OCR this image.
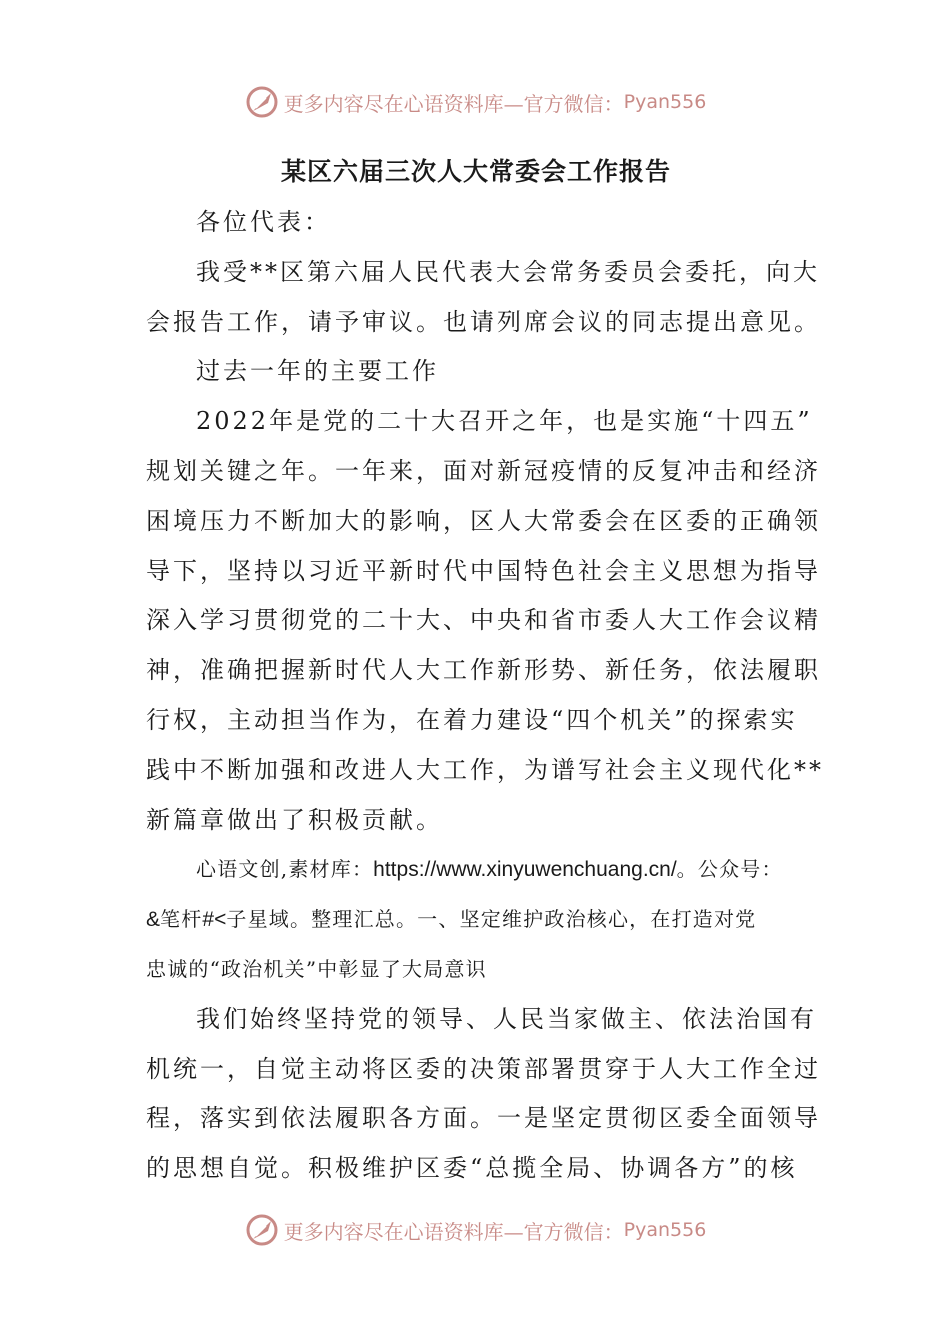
更多内容尽在心语资料库—官方微信： Pyan556
某区六届三次人大常委会工作报告
各位代表：
我受**区第六届人民代表大会常务委员会委托，向大
会报告工作，请予审议。也请列席会议的同志提出意见。
过去一年的主要工作
2022年是党的二十大召开之年，也是实施“十四五”
规划关键之年。一年来，面对新冠疫情的反复冲击和经济
困境压力不断加大的影响，区人大常委会在区委的正确领
导下，坚持以习近平新时代中国特色社会主义思想为指导
深入学习贯彻党的二十大、中央和省市委人大工作会议精
神，准确把握新时代人大工作新形势、新任务，依法履职
行权，主动担当作为，在着力建设“四个机关”的探索实
践中不断加强和改进人大工作，为谱写社会主义现代化**
新篇章做出了积极贡献。
心语文创,素材库：https://www.xinyuwenchuang.cn/。公众号：
&笔杆#<子星域。整理汇总。一、坚定维护政治核心，在打造对党
忠诚的“政治机关”中彰显了大局意识
我们始终坚持党的领导、人民当家做主、依法治国有
机统一，自觉主动将区委的决策部署贯穿于人大工作全过
程，落实到依法履职各方面。一是坚定贯彻区委全面领导
的思想自觉。积极维护区委“总揽全局、协调各方”的核
更多内容尽在心语资料库—官方微信： Pyan556
